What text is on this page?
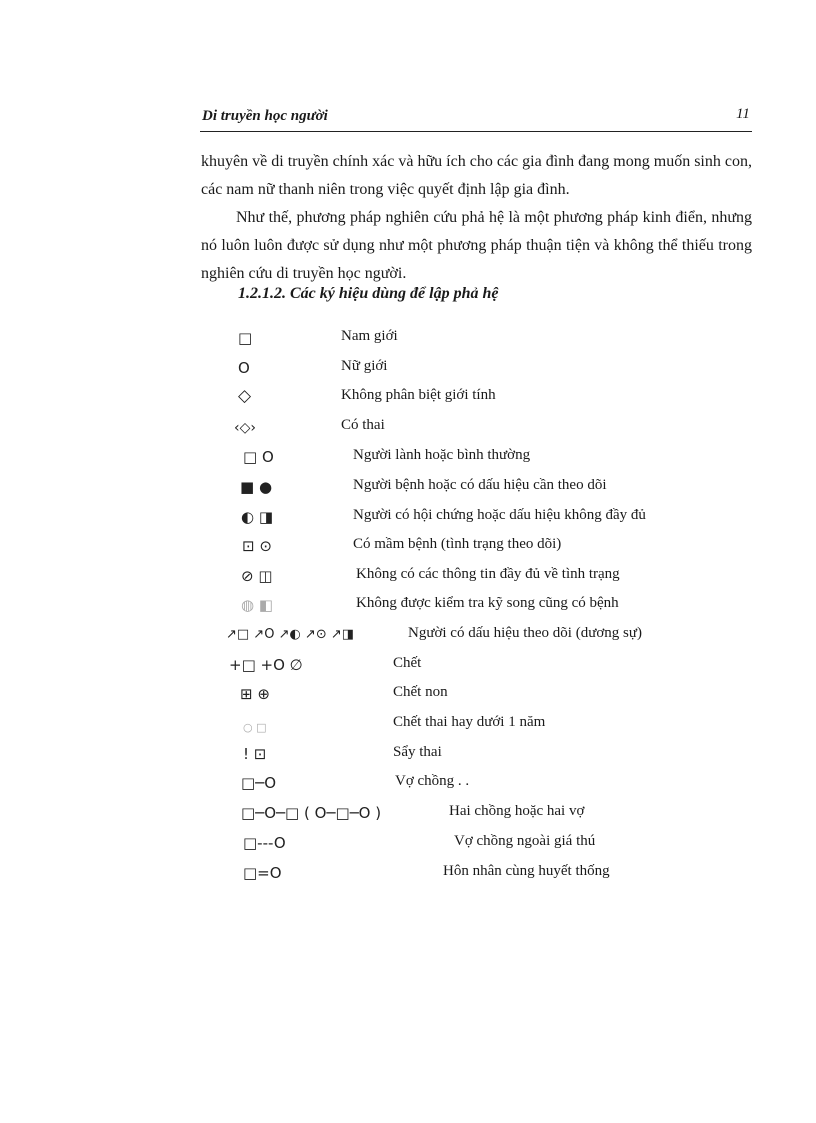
Di truyền học người	11

khuyên về di truyền chính xác và hữu ích cho các gia đình đang mong muốn sinh con, các nam nữ thanh niên trong việc quyết định lập gia đình.

Như thế, phương pháp nghiên cứu phả hệ là một phương pháp kinh điển, nhưng nó luôn luôn được sử dụng như một phương pháp thuận tiện và không thể thiếu trong nghiên cứu di truyền học người.

1.2.1.2. Các ký hiệu dùng để lập phả hệ
□	Nam giới
O	Nữ giới
◇	Không phân biệt giới tính
‹◇›	Có thai
□ O	Người lành hoặc bình thường
■ ●	Người bệnh hoặc có dấu hiệu cần theo dõi
◐ ◨	Người có hội chứng hoặc dấu hiệu không đầy đủ
⊡ ⊙	Có mầm bệnh (tình trạng theo dõi)
⊘ ◫	Không có các thông tin đầy đủ về tình trạng
◍ ◧	Không được kiểm tra kỹ song cũng có bệnh
↗□ ↗O ↗◐ ↗⊙ ↗◨	Người có dấu hiệu theo dõi (dương sự)
+□ +O ∅	Chết
⊞ ⊕	Chết non
○ □	Chết thai hay dưới 1 năm
! ⊡	Sẩy thai
□─O	Vợ chồng . .
□─O─□ ( O─□─O )	Hai chồng hoặc hai vợ
□---O	Vợ chồng ngoài giá thú
□=O	Hôn nhân cùng huyết thống
